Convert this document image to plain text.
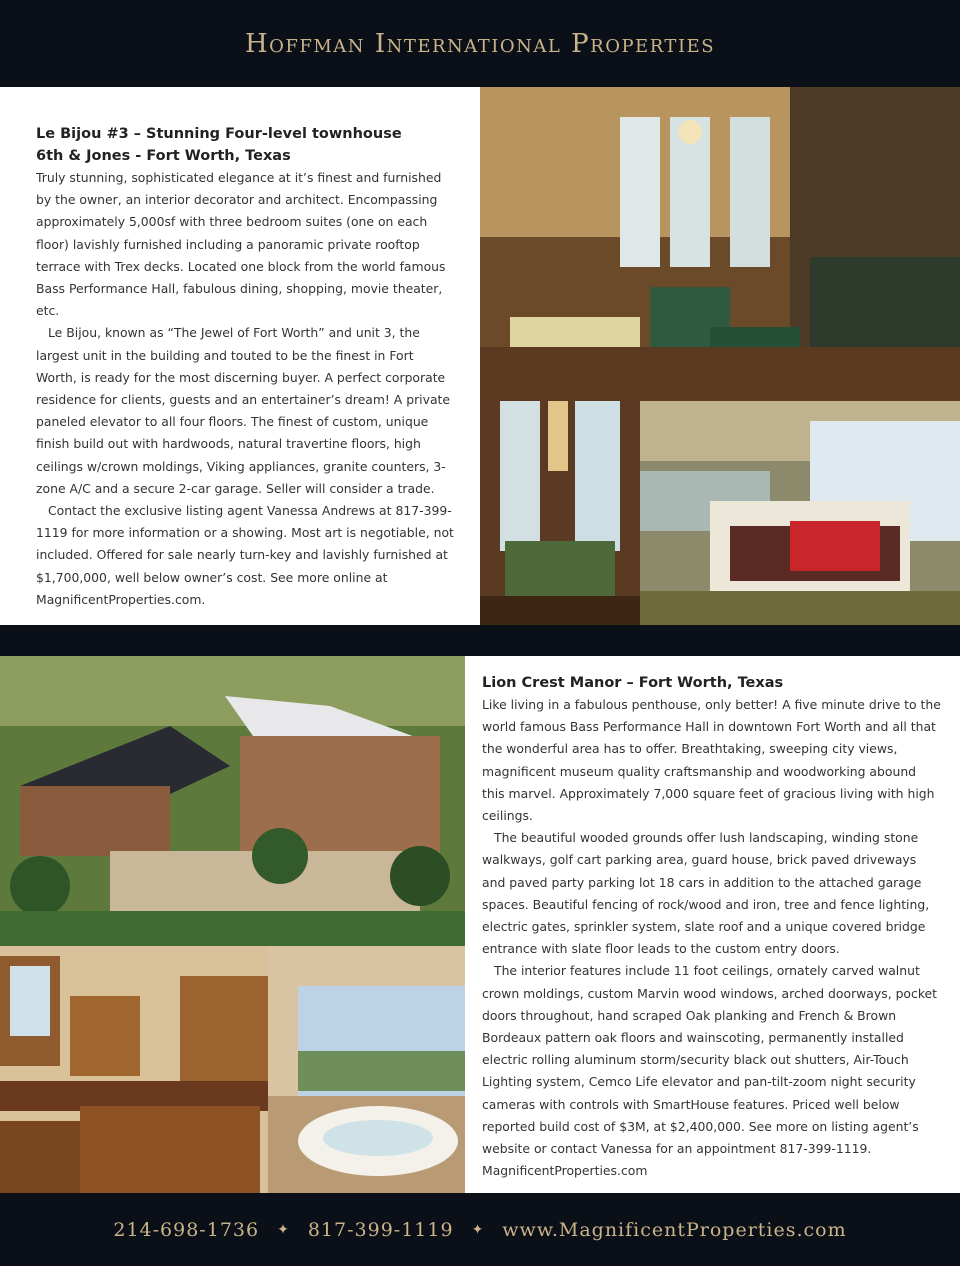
Hoffman International Properties

Le Bijou #3 – Stunning Four-level townhouse

6th & Jones - Fort Worth, Texas

Truly stunning, sophisticated elegance at it’s finest and furnished by the owner, an interior decorator and architect. Encompassing approximately 5,000sf with three bedroom suites (one on each floor) lavishly furnished including a panoramic private rooftop terrace with Trex decks. Located one block from the world famous Bass Performance Hall, fabulous dining, shopping, movie theater, etc.

Le Bijou, known as “The Jewel of Fort Worth” and unit 3, the largest unit in the building and touted to be the finest in Fort Worth, is ready for the most discerning buyer. A perfect corporate residence for clients, guests and an entertainer’s dream! A private paneled elevator to all four floors. The finest of custom, unique finish build out with hardwoods, natural travertine floors, high ceilings w/crown moldings, Viking appliances, granite counters, 3-zone A/C and a secure 2-car garage. Seller will consider a trade.

Contact the exclusive listing agent Vanessa Andrews at 817-399-1119 for more information or a showing. Most art is negotiable, not included. Offered for sale nearly turn-key and lavishly furnished at $1,700,000, well below owner’s cost. See more online at MagnificentProperties.com.

Lion Crest Manor – Fort Worth, Texas

Like living in a fabulous penthouse, only better! A five minute drive to the world famous Bass Performance Hall in downtown Fort Worth and all that the wonderful area has to offer. Breathtaking, sweeping city views, magnificent museum quality craftsmanship and woodworking abound this marvel. Approximately 7,000 square feet of gracious living with high ceilings.

The beautiful wooded grounds offer lush landscaping, winding stone walkways, golf cart parking area, guard house, brick paved driveways and paved party parking lot 18 cars in addition to the attached garage spaces. Beautiful fencing of rock/wood and iron, tree and fence lighting, electric gates, sprinkler system, slate roof and a unique covered bridge entrance with slate floor leads to the custom entry doors.

The interior features include 11 foot ceilings, ornately carved walnut crown moldings, custom Marvin wood windows, arched doorways, pocket doors throughout, hand scraped Oak planking and French & Brown Bordeaux pattern oak floors and wainscoting, permanently installed electric rolling aluminum storm/security black out shutters, Air-Touch Lighting system, Cemco Life elevator and pan-tilt-zoom night security cameras with controls with SmartHouse features. Priced well below reported build cost of $3M, at $2,400,000. See more on listing agent’s website or contact Vanessa for an appointment 817-399-1119. MagnificentProperties.com

214-698-1736 ✦ 817-399-1119 ✦ www.MagnificentProperties.com
